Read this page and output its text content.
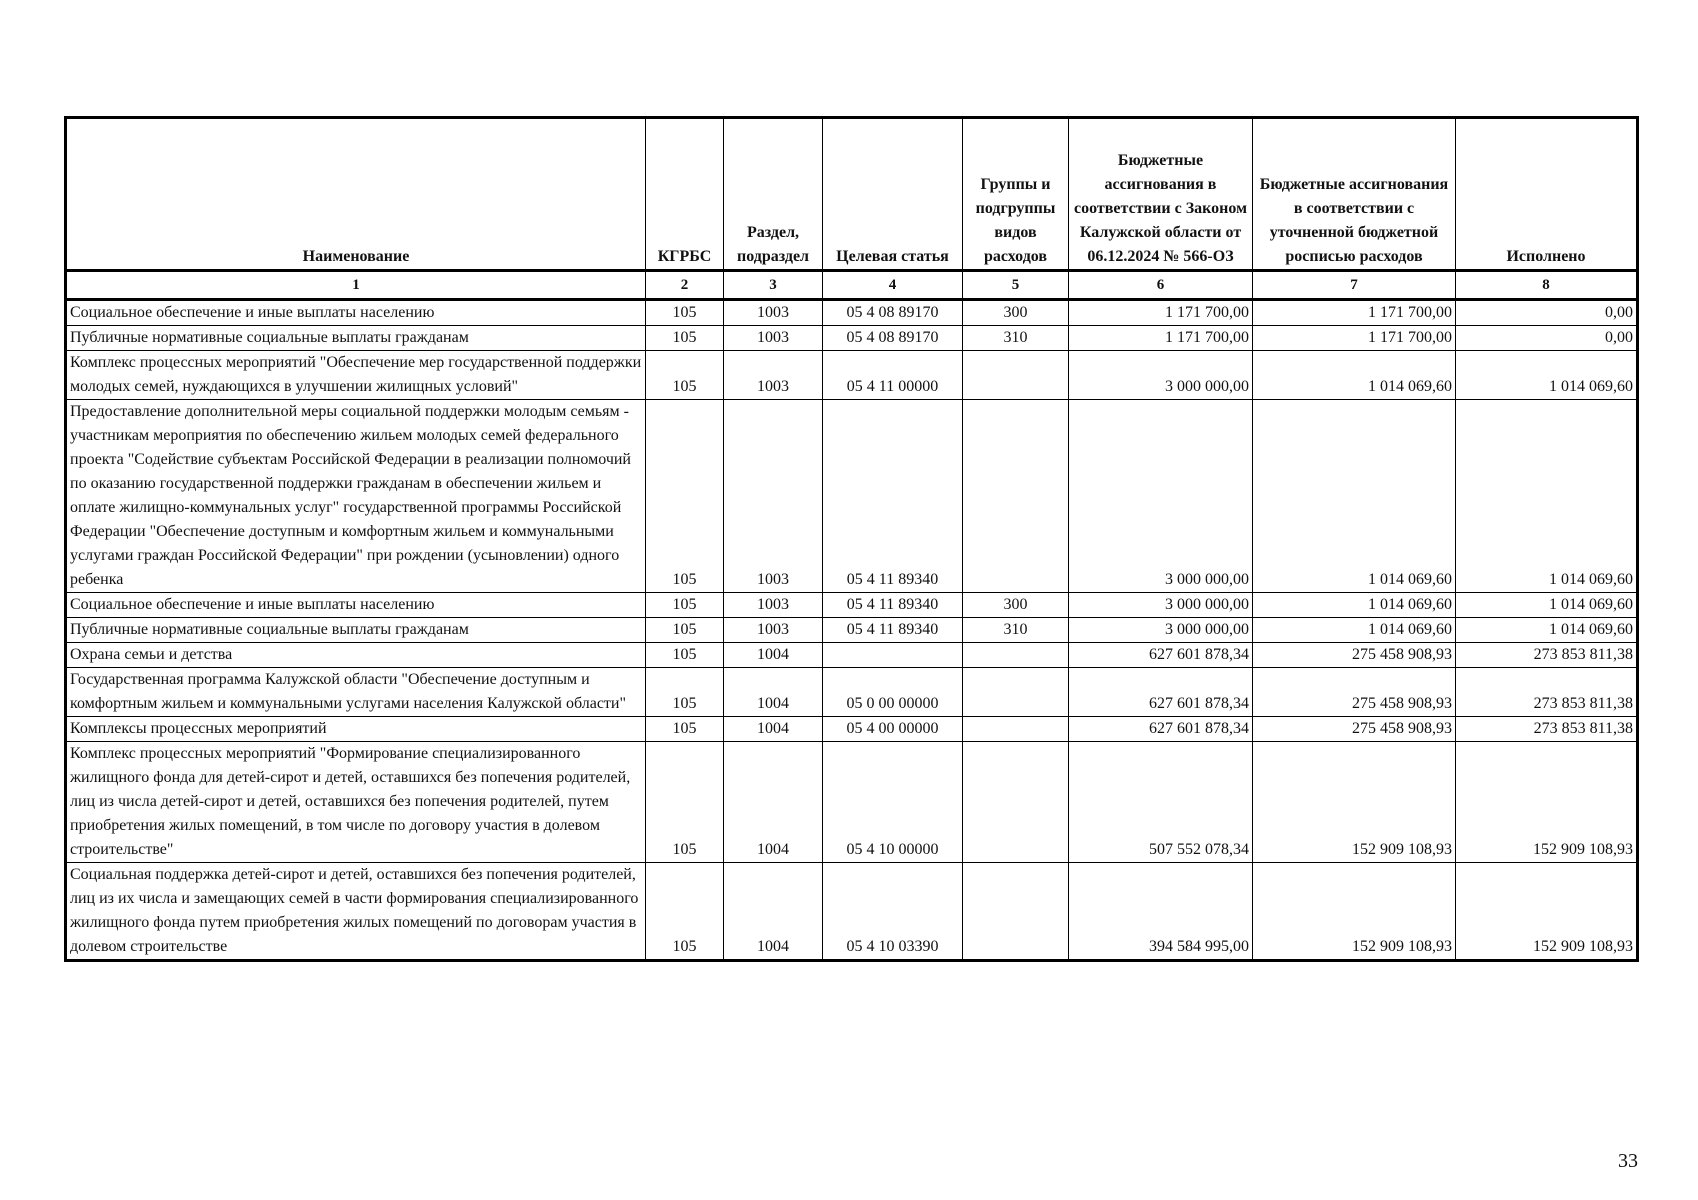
Наименование	КГРБС	Раздел, подраздел	Целевая статья	Группы и подгруппы видов расходов	Бюджетные ассигнования в соответствии с Законом Калужской области от 06.12.2024 № 566-ОЗ	Бюджетные ассигнования в соответствии с уточненной бюджетной росписью расходов	Исполнено
1	2	3	4	5	6	7	8
Социальное обеспечение и иные выплаты населению	105	1003	05 4 08 89170	300	1 171 700,00	1 171 700,00	0,00
Публичные нормативные социальные выплаты гражданам	105	1003	05 4 08 89170	310	1 171 700,00	1 171 700,00	0,00
Комплекс процессных мероприятий "Обеспечение мер государственной поддержки молодых семей, нуждающихся в улучшении жилищных условий"	105	1003	05 4 11 00000		3 000 000,00	1 014 069,60	1 014 069,60
Предоставление дополнительной меры социальной поддержки молодым семьям - участникам мероприятия по обеспечению жильем молодых семей федерального проекта "Содействие субъектам Российской Федерации в реализации полномочий по оказанию государственной поддержки гражданам в обеспечении жильем и оплате жилищно-коммунальных услуг" государственной программы Российской Федерации "Обеспечение доступным и комфортным жильем и коммунальными услугами граждан Российской Федерации" при рождении (усыновлении) одного ребенка	105	1003	05 4 11 89340		3 000 000,00	1 014 069,60	1 014 069,60
Социальное обеспечение и иные выплаты населению	105	1003	05 4 11 89340	300	3 000 000,00	1 014 069,60	1 014 069,60
Публичные нормативные социальные выплаты гражданам	105	1003	05 4 11 89340	310	3 000 000,00	1 014 069,60	1 014 069,60
Охрана семьи и детства	105	1004			627 601 878,34	275 458 908,93	273 853 811,38
Государственная программа Калужской области "Обеспечение доступным и комфортным жильем и коммунальными услугами населения Калужской области"	105	1004	05 0 00 00000		627 601 878,34	275 458 908,93	273 853 811,38
Комплексы процессных мероприятий	105	1004	05 4 00 00000		627 601 878,34	275 458 908,93	273 853 811,38
Комплекс процессных мероприятий "Формирование специализированного жилищного фонда для детей-сирот и детей, оставшихся без попечения родителей, лиц из числа детей-сирот и детей, оставшихся без попечения родителей, путем приобретения жилых помещений, в том числе по договору участия в долевом строительстве"	105	1004	05 4 10 00000		507 552 078,34	152 909 108,93	152 909 108,93
Социальная поддержка детей-сирот и детей, оставшихся без попечения родителей, лиц из их числа и замещающих семей в части формирования специализированного жилищного фонда путем приобретения жилых помещений по договорам участия в долевом строительстве	105	1004	05 4 10 03390		394 584 995,00	152 909 108,93	152 909 108,93
33
